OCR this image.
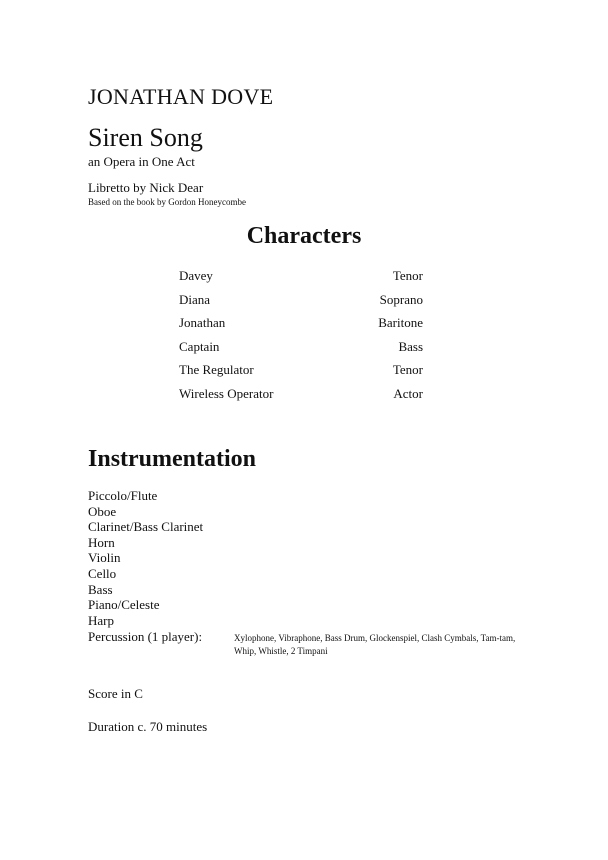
JONATHAN DOVE
Siren Song
an Opera in One Act
Libretto by Nick Dear
Based on the book by Gordon Honeycombe
Characters
Davey	Tenor
Diana	Soprano
Jonathan	Baritone
Captain	Bass
The Regulator	Tenor
Wireless Operator	Actor
Instrumentation
Piccolo/Flute
Oboe
Clarinet/Bass Clarinet
Horn
Violin
Cello
Bass
Piano/Celeste
Harp
Percussion (1 player):	Xylophone, Vibraphone, Bass Drum, Glockenspiel, Clash Cymbals, Tam-tam, Whip, Whistle, 2 Timpani
Score in C
Duration c. 70 minutes
